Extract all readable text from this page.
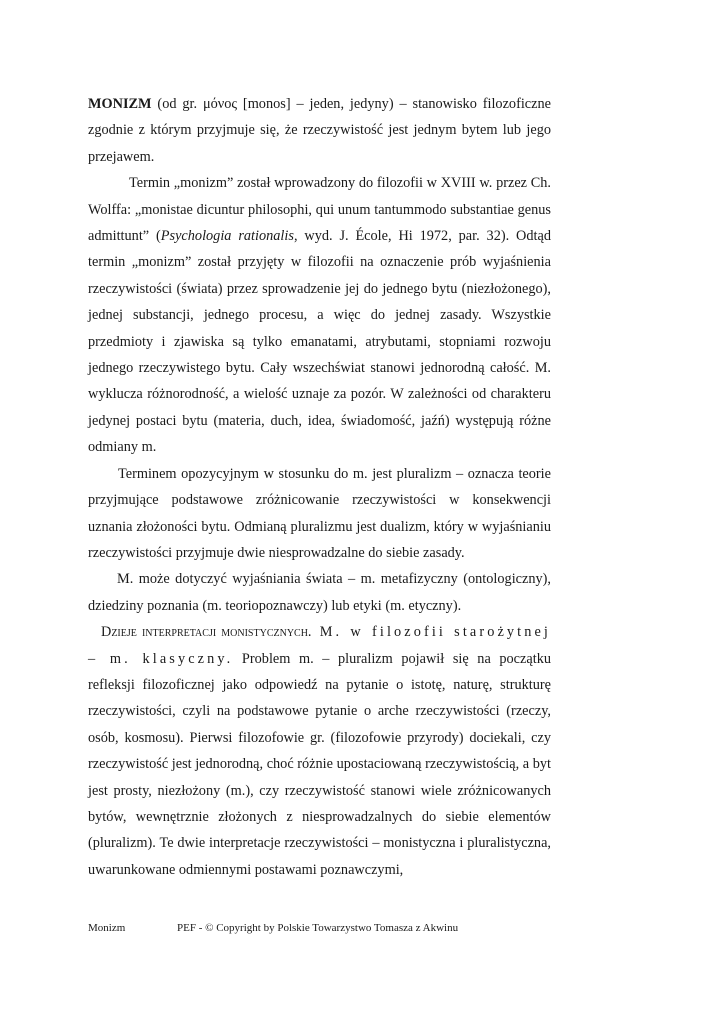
MONIZM (od gr. μόνος [monos] – jeden, jedyny) – stanowisko filozoficzne zgodnie z którym przyjmuje się, że rzeczywistość jest jednym bytem lub jego przejawem.

Termin „monizm” został wprowadzony do filozofii w XVIII w. przez Ch. Wolffa: „monistae dicuntur philosophi, qui unum tantummodo substantiae genus admittunt” (Psychologia rationalis, wyd. J. École, Hi 1972, par. 32). Odtąd termin „monizm” został przyjęty w filozofii na oznaczenie prób wyjaśnienia rzeczywistości (świata) przez sprowadzenie jej do jednego bytu (niezłożonego), jednej substancji, jednego procesu, a więc do jednej zasady. Wszystkie przedmioty i zjawiska są tylko emanatami, atrybutami, stopniami rozwoju jednego rzeczywistego bytu. Cały wszechświat stanowi jednorodną całość. M. wyklucza różnorodność, a wielość uznaje za pozór. W zależności od charakteru jedynej postaci bytu (materia, duch, idea, świadomość, jaźń) występują różne odmiany m.

Terminem opozycyjnym w stosunku do m. jest pluralizm – oznacza teorie przyjmujące podstawowe zróżnicowanie rzeczywistości w konsekwencji uznania złożoności bytu. Odmianą pluralizmu jest dualizm, który w wyjaśnianiu rzeczywistości przyjmuje dwie niesprowadzalne do siebie zasady.

M. może dotyczyć wyjaśniania świata – m. metafizyczny (ontologiczny), dziedziny poznania (m. teoriopoznawczy) lub etyki (m. etyczny).

Dzieje interpretacji monistycznych. M. w filozofii starożytnej – m. klasyczny. Problem m. – pluralizm pojawił się na początku refleksji filozoficznej jako odpowiedź na pytanie o istotę, naturę, strukturę rzeczywistości, czyli na podstawowe pytanie o arche rzeczywistości (rzeczy, osób, kosmosu). Pierwsi filozofowie gr. (filozofowie przyrody) dociekali, czy rzeczywistość jest jednorodną, choć różnie upostaciowaną rzeczywistością, a byt jest prosty, niezłożony (m.), czy rzeczywistość stanowi wiele zróżnicowanych bytów, wewnętrznie złożonych z niesprowadzalnych do siebie elementów (pluralizm). Te dwie interpretacje rzeczywistości – monistyczna i pluralistyczna, uwarunkowane odmiennymi postawami poznawczymi,

Monizm	PEF - © Copyright by Polskie Towarzystwo Tomasza z Akwinu
